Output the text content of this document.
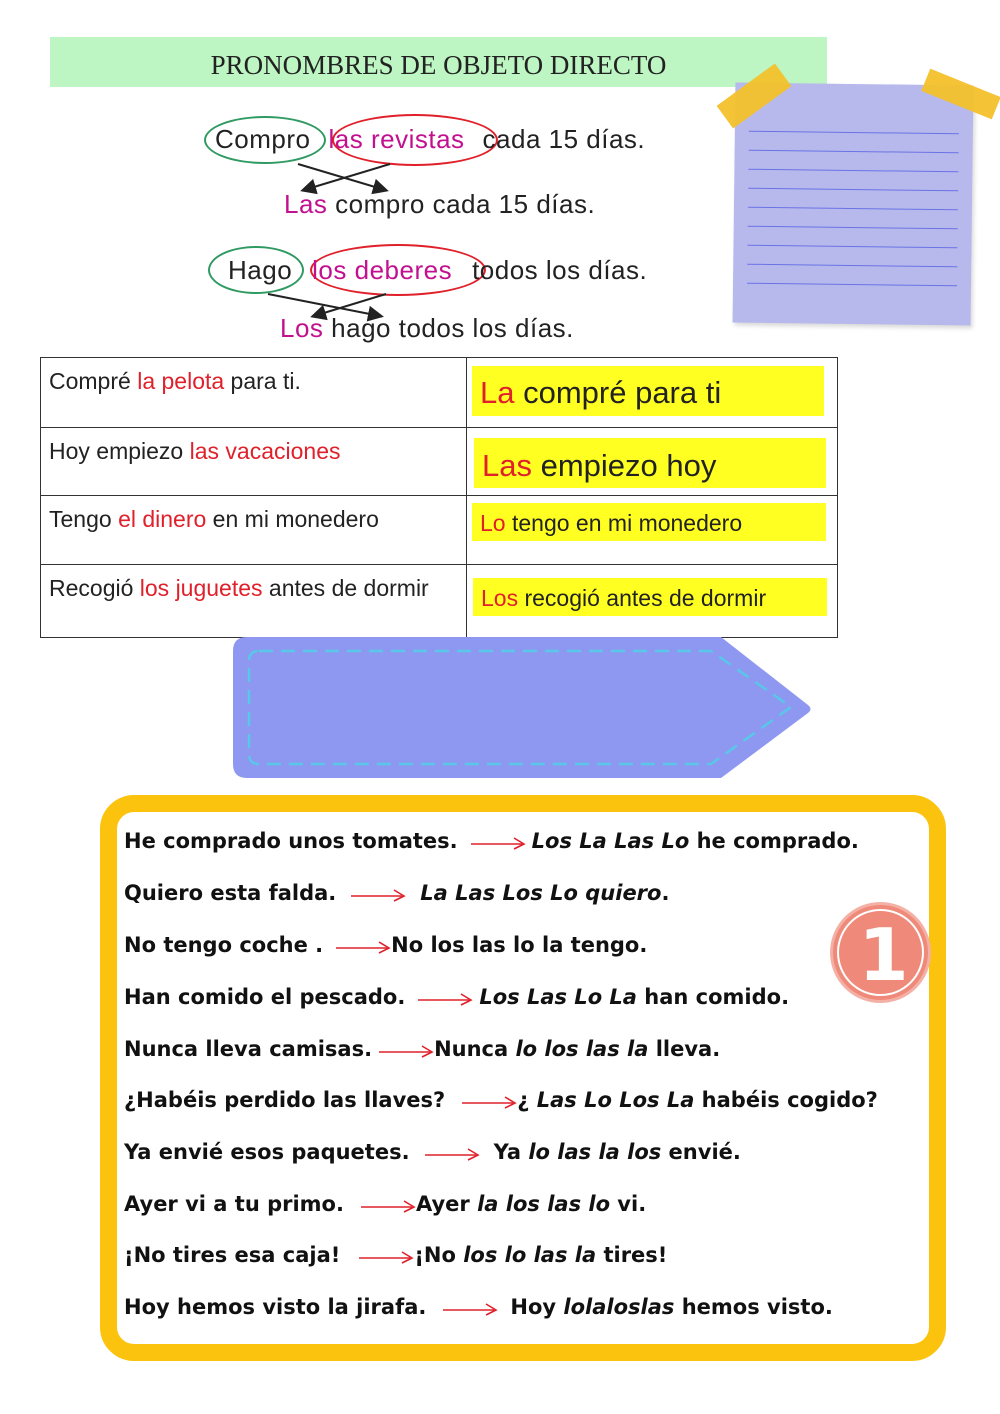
PRONOMBRES DE OBJETO DIRECTO
Compro las revistas cada 15 días.
Las compro cada 15 días.
Hago los deberes todos los días.
Los hago todos los días.
Compré la pelota para ti.	La compré para ti
Hoy empiezo las vacaciones	Las empiezo hoy
Tengo el dinero en mi monedero	Lo tengo en mi monedero
Recogió los juguetes antes de dormir	Los recogió antes de dormir
1
He comprado unos tomates.	Los La Las Lo he comprado.
Quiero esta falda.	La Las Los Lo quiero.
No tengo coche .	No los las lo la tengo.
Han comido el pescado.	Los Las Lo La han comido.
Nunca lleva camisas.	Nunca lo los las la lleva.
¿Habéis perdido las llaves?	¿ Las Lo Los La habéis cogido?
Ya envié esos paquetes.	Ya lo las la los envié.
Ayer vi a tu primo.	Ayer la los las lo vi.
¡No tires esa caja!	¡No los lo las la tires!
Hoy hemos visto la jirafa.	Hoy lolaloslas hemos visto.
